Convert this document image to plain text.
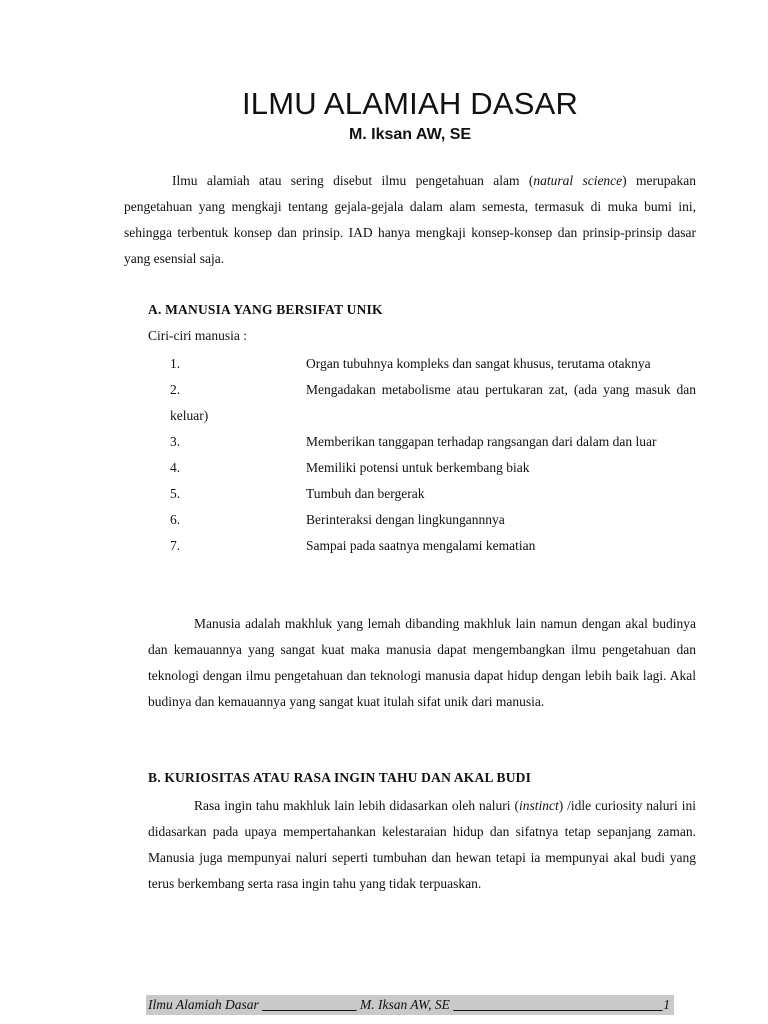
ILMU ALAMIAH DASAR
M. Iksan AW, SE

Ilmu alamiah atau sering disebut ilmu pengetahuan alam (natural science) merupakan pengetahuan yang mengkaji tentang gejala-gejala dalam alam semesta, termasuk di muka bumi ini, sehingga terbentuk konsep dan prinsip. IAD hanya mengkaji konsep-konsep dan prinsip-prinsip dasar yang esensial saja.

A. MANUSIA YANG BERSIFAT UNIK

Ciri-ciri manusia :

1.	Organ tubuhnya kompleks dan sangat khusus, terutama otaknya
2.	Mengadakan metabolisme atau pertukaran zat, (ada yang masuk dan keluar)
3.	Memberikan tanggapan terhadap rangsangan dari dalam dan luar
4.	Memiliki potensi untuk berkembang biak
5.	Tumbuh dan bergerak
6.	Berinteraksi dengan lingkungannnya
7.	Sampai pada saatnya mengalami kematian

Manusia adalah makhluk yang lemah dibanding makhluk lain namun dengan akal budinya dan kemauannya yang sangat kuat maka manusia dapat mengembangkan ilmu pengetahuan dan teknologi dengan ilmu pengetahuan dan teknologi manusia dapat hidup dengan lebih baik lagi. Akal budinya dan kemauannya yang sangat kuat itulah sifat unik dari manusia.

B. KURIOSITAS ATAU RASA INGIN TAHU DAN AKAL BUDI

Rasa ingin tahu makhluk lain lebih didasarkan oleh naluri (instinct) /idle curiosity naluri ini didasarkan pada upaya mempertahankan kelestaraian hidup dan sifatnya tetap sepanjang zaman. Manusia juga mempunyai naluri seperti tumbuhan dan hewan tetapi ia mempunyai akal budi yang terus berkembang serta rasa ingin tahu yang tidak terpuaskan.

Ilmu Alamiah Dasar	M. Iksan AW, SE	1
